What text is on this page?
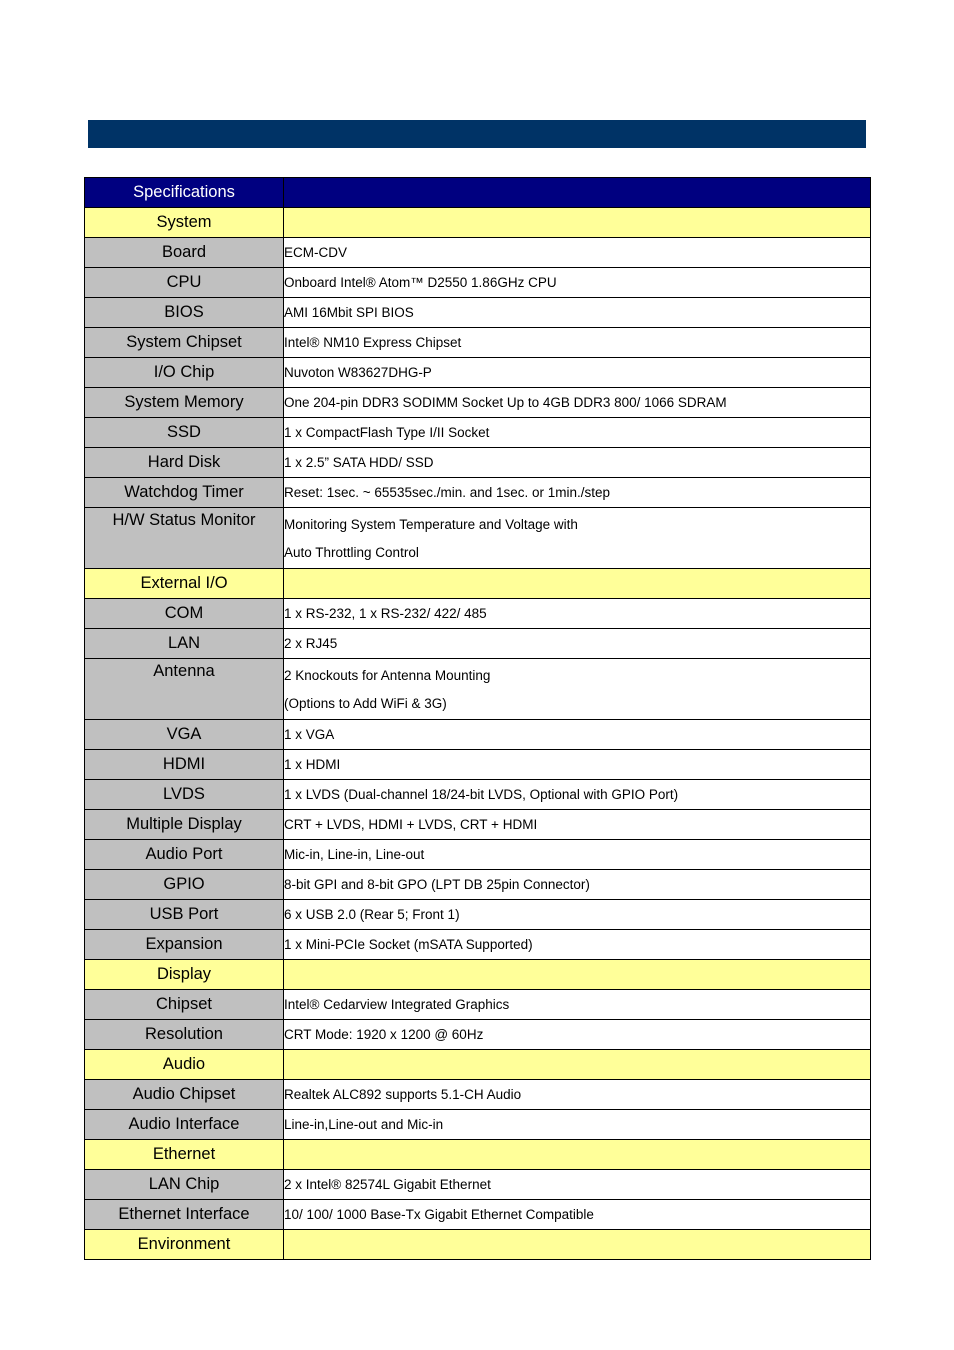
Specifications	
System	
Board	ECM-CDV
CPU	Onboard Intel® Atom™ D2550 1.86GHz CPU
BIOS	AMI 16Mbit SPI BIOS
System Chipset	Intel® NM10 Express Chipset
I/O Chip	Nuvoton W83627DHG-P
System Memory	One 204-pin DDR3 SODIMM Socket Up to 4GB DDR3 800/ 1066 SDRAM
SSD	1 x CompactFlash Type I/II Socket
Hard Disk	1 x 2.5” SATA HDD/ SSD
Watchdog Timer	Reset: 1sec. ~ 65535sec./min. and 1sec. or 1min./step
H/W Status Monitor	Monitoring System Temperature and Voltage with
Auto Throttling Control

External I/O	
COM	1 x RS-232, 1 x RS-232/ 422/ 485
LAN	2 x RJ45
Antenna	2 Knockouts for Antenna Mounting
(Options to Add WiFi & 3G)

VGA	1 x VGA
HDMI	1 x HDMI
LVDS	1 x LVDS (Dual-channel 18/24-bit LVDS, Optional with GPIO Port)
Multiple Display	CRT + LVDS, HDMI + LVDS, CRT + HDMI
Audio Port	Mic-in, Line-in, Line-out
GPIO	8-bit GPI and 8-bit GPO (LPT DB 25pin Connector)
USB Port	6 x USB 2.0 (Rear 5; Front 1)
Expansion	1 x Mini-PCIe Socket (mSATA Supported)
Display	
Chipset	Intel® Cedarview Integrated Graphics
Resolution	CRT Mode: 1920 x 1200 @ 60Hz
Audio	
Audio Chipset	Realtek ALC892 supports 5.1-CH Audio
Audio Interface	Line-in,Line-out and Mic-in
Ethernet	
LAN Chip	2 x Intel® 82574L Gigabit Ethernet
Ethernet Interface	10/ 100/ 1000 Base-Tx Gigabit Ethernet Compatible
Environment	
